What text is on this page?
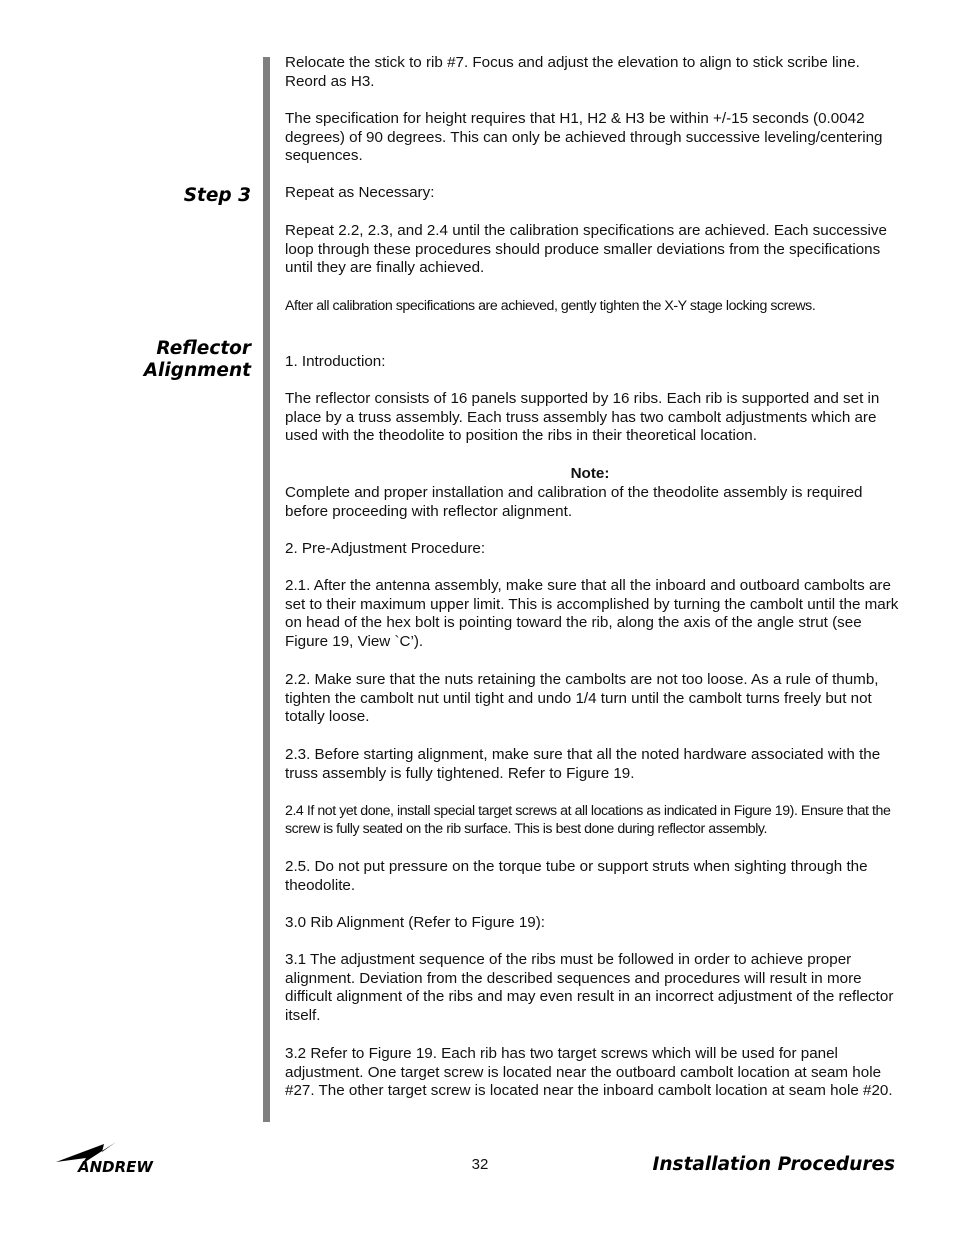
Step 3
Reflector
Alignment

Relocate the stick to rib #7. Focus and adjust the elevation to align to stick scribe line. Reord as H3.

The specification for height requires that H1, H2 & H3 be within +/-15 seconds (0.0042 degrees) of 90 degrees. This can only be achieved through successive leveling/centering sequences.

Repeat as Necessary:

Repeat 2.2, 2.3, and 2.4 until the calibration specifications are achieved. Each successive loop through these procedures should produce smaller deviations from the specifications until they are finally achieved.

After all calibration specifications are achieved, gently tighten the X-Y stage locking screws.

1. Introduction:

The reflector consists of 16 panels supported by 16 ribs. Each rib is supported and set in place by a truss assembly. Each truss assembly has two cambolt adjustments which are used with the theodolite to position the ribs in their theoretical location.

Note:

Complete and proper installation and calibration of the theodolite assembly is required before proceeding with reflector alignment.

2. Pre-Adjustment Procedure:

2.1. After the antenna assembly, make sure that all the inboard and outboard cambolts are set to their maximum upper limit. This is accomplished by turning the cambolt until the mark on head of the hex bolt is pointing toward the rib, along the axis of the angle strut (see Figure 19, View `C’).

2.2. Make sure that the nuts retaining the cambolts are not too loose. As a rule of thumb, tighten the cambolt nut until tight and undo 1/4 turn until the cambolt turns freely but not totally loose.

2.3. Before starting alignment, make sure that all the noted hardware associated with the truss assembly is fully tightened. Refer to Figure 19.

2.4 If not yet done, install special target screws at all locations as indicated in Figure 19). Ensure that the screw is fully seated on the rib surface. This is best done during reflector assembly.

2.5. Do not put pressure on the torque tube or support struts when sighting through the theodolite.

3.0 Rib Alignment (Refer to Figure 19):

3.1 The adjustment sequence of the ribs must be followed in order to achieve proper alignment. Deviation from the described sequences and procedures will result in more difficult alignment of the ribs and may even result in an incorrect adjustment of the reflector itself.

3.2 Refer to Figure 19. Each rib has two target screws which will be used for panel adjustment. One target screw is located near the outboard cambolt location at seam hole #27. The other target screw is located near the inboard cambolt location at seam hole #20.

ANDREW	32	Installation Procedures
